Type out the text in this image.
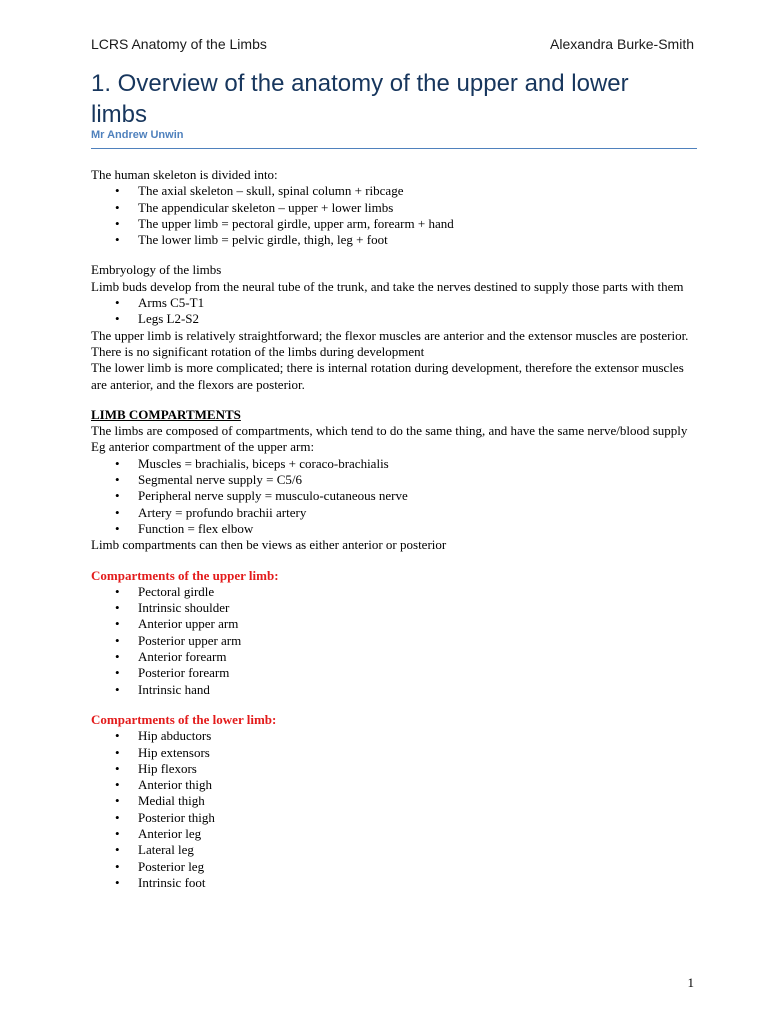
LCRS Anatomy of the Limbs	Alexandra Burke-Smith
1. Overview of the anatomy of the upper and lower limbs
Mr Andrew Unwin

The human skeleton is divided into:

• The axial skeleton – skull, spinal column + ribcage
• The appendicular skeleton – upper + lower limbs
• The upper limb = pectoral girdle, upper arm, forearm + hand
• The lower limb = pelvic girdle, thigh, leg + foot

Embryology of the limbs

Limb buds develop from the neural tube of the trunk, and take the nerves destined to supply those parts with them

• Arms C5-T1
• Legs L2-S2

The upper limb is relatively straightforward; the flexor muscles are anterior and the extensor muscles are posterior. There is no significant rotation of the limbs during development

The lower limb is more complicated; there is internal rotation during development, therefore the extensor muscles are anterior, and the flexors are posterior.

LIMB COMPARTMENTS

The limbs are composed of compartments, which tend to do the same thing, and have the same nerve/blood supply

Eg anterior compartment of the upper arm:

• Muscles = brachialis, biceps + coraco-brachialis
• Segmental nerve supply = C5/6
• Peripheral nerve supply = musculo-cutaneous nerve
• Artery = profundo brachii artery
• Function = flex elbow

Limb compartments can then be views as either anterior or posterior

Compartments of the upper limb:

• Pectoral girdle
• Intrinsic shoulder
• Anterior upper arm
• Posterior upper arm
• Anterior forearm
• Posterior forearm
• Intrinsic hand

Compartments of the lower limb:

• Hip abductors
• Hip extensors
• Hip flexors
• Anterior thigh
• Medial thigh
• Posterior thigh
• Anterior leg
• Lateral leg
• Posterior leg
• Intrinsic foot
1
